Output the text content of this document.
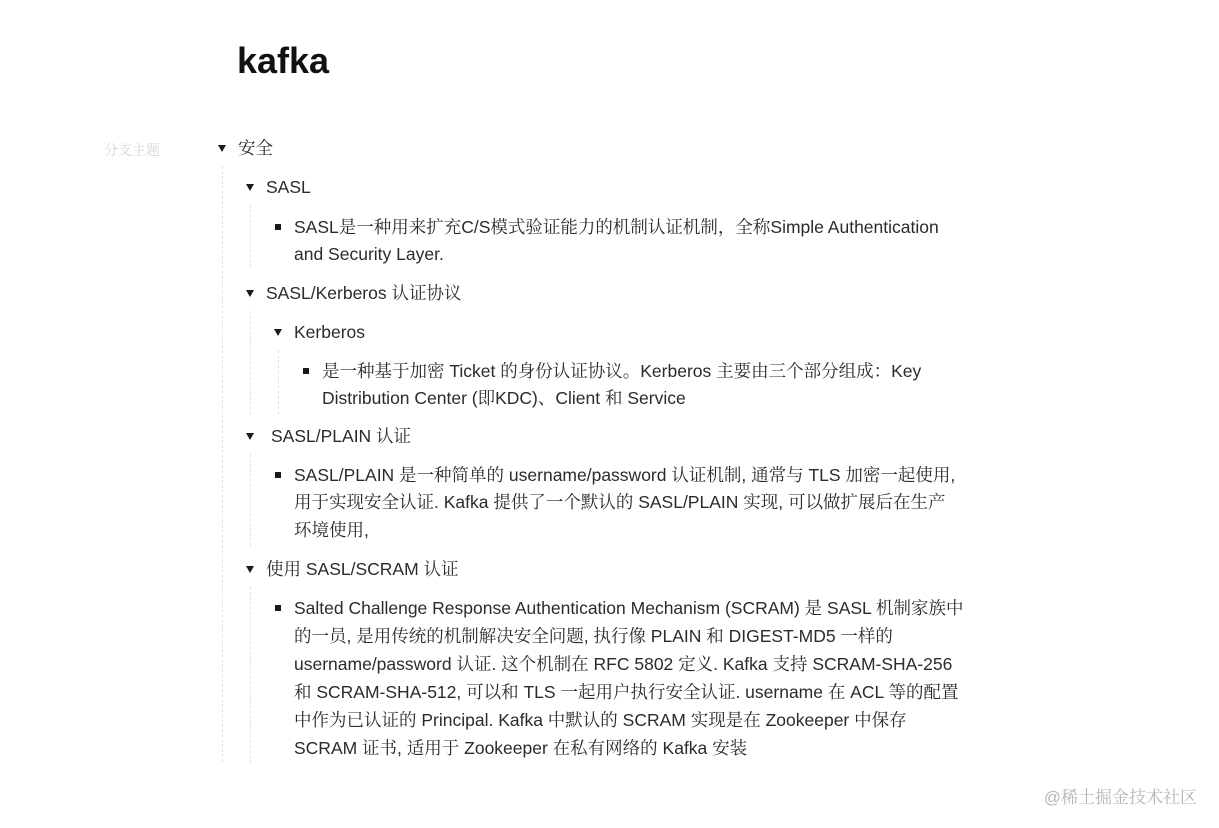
kafka
分支主题	安全
SASL
SASL是一种用来扩充C/S模式验证能力的机制认证机制，全称Simple Authentication
and Security Layer.
SASL/Kerberos 认证协议
Kerberos
是一种基于加密 Ticket 的身份认证协议。Kerberos 主要由三个部分组成：Key
Distribution Center (即KDC)、Client 和 Service
SASL/PLAIN 认证
SASL/PLAIN 是一种简单的 username/password 认证机制, 通常与 TLS 加密一起使用,
用于实现安全认证. Kafka 提供了一个默认的 SASL/PLAIN 实现, 可以做扩展后在生产
环境使用,
使用 SASL/SCRAM 认证
Salted Challenge Response Authentication Mechanism (SCRAM) 是 SASL 机制家族中
的一员, 是用传统的机制解决安全问题, 执行像 PLAIN 和 DIGEST-MD5 一样的
username/password 认证. 这个机制在 RFC 5802 定义. Kafka 支持 SCRAM-SHA-256
和 SCRAM-SHA-512, 可以和 TLS 一起用户执行安全认证. username 在 ACL 等的配置
中作为已认证的 Principal. Kafka 中默认的 SCRAM 实现是在 Zookeeper 中保存
SCRAM 证书, 适用于 Zookeeper 在私有网络的 Kafka 安装
@稀土掘金技术社区
